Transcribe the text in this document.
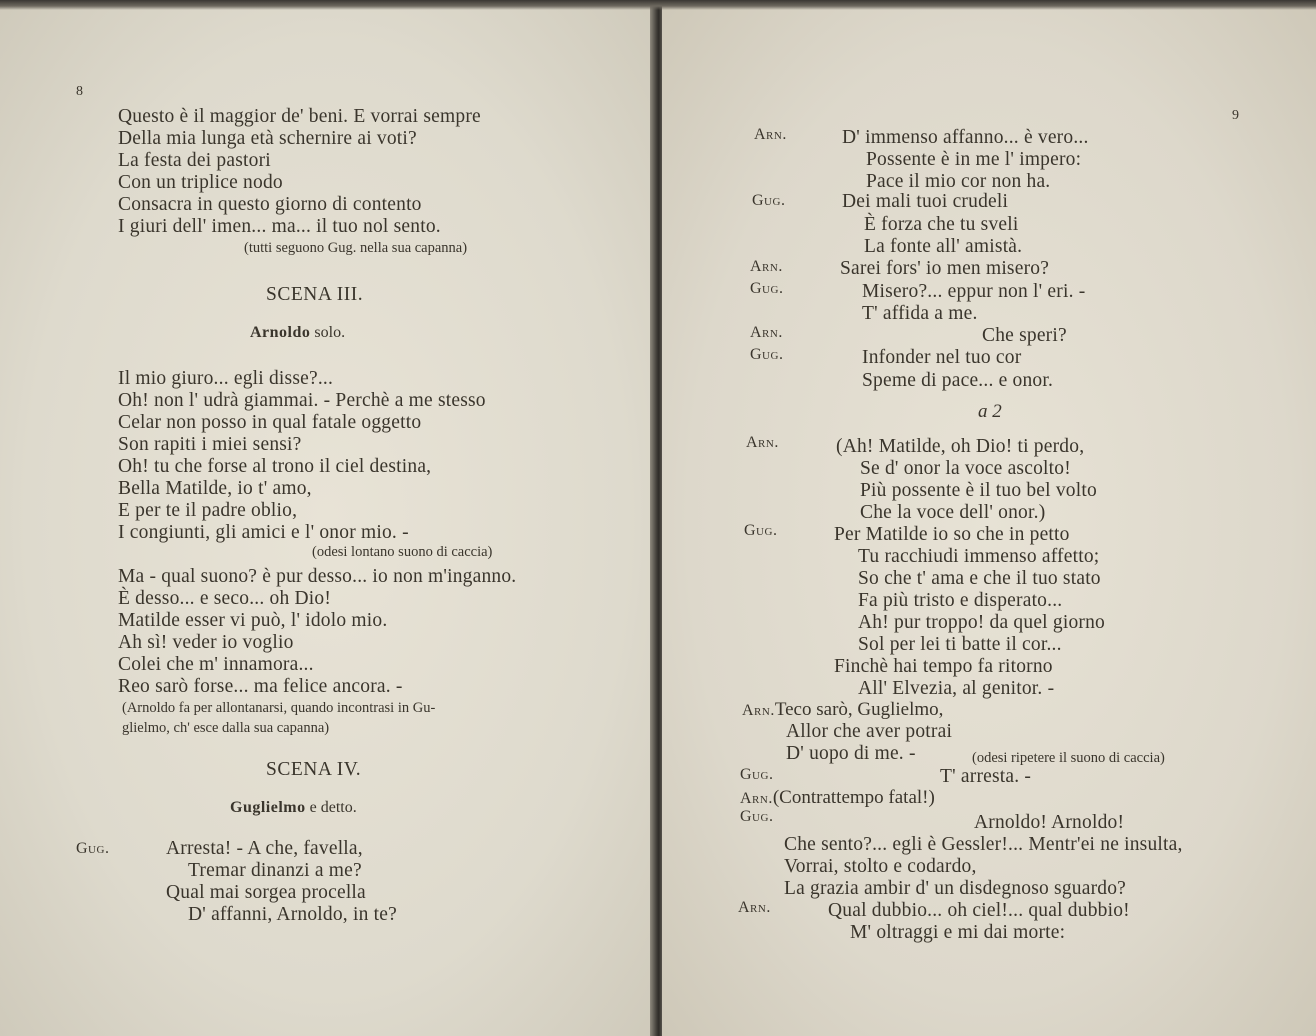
8
Questo è il maggior de' beni. E vorrai sempre
Della mia lunga età schernire ai voti?
La festa dei pastori
Con un triplice nodo
Consacra in questo giorno di contento
I giuri dell' imen... ma... il tuo nol sento.
(tutti seguono Gug. nella sua capanna)
SCENA III.
Arnoldo solo.
Il mio giuro... egli disse?...
Oh! non l' udrà giammai. - Perchè a me stesso
Celar non posso in qual fatale oggetto
Son rapiti i miei sensi?
Oh! tu che forse al trono il ciel destina,
Bella Matilde, io t' amo,
E per te il padre oblio,
I congiunti, gli amici e l' onor mio. -
(odesi lontano suono di caccia)
Ma - qual suono? è pur desso... io non m'inganno.
È desso... e seco... oh Dio!
Matilde esser vi può, l' idolo mio.
Ah sì! veder io voglio
Colei che m' innamora...
Reo sarò forse... ma felice ancora. -
(Arnoldo fa per allontanarsi, quando incontrasi in Gu-
glielmo, ch' esce dalla sua capanna)
SCENA IV.
Guglielmo e detto.
Gug.	Arresta! - A che, favella,
Tremar dinanzi a me?
Qual mai sorgea procella
D' affanni, Arnoldo, in te?
9
Arn.	D' immenso affanno... è vero...
Possente è in me l' impero:
Pace il mio cor non ha.
Gug.	Dei mali tuoi crudeli
È forza che tu sveli
La fonte all' amistà.
Arn.	Sarei fors' io men misero?
Gug.	Misero?... eppur non l' eri. -
T' affida a me.
Arn.	Che speri?
Gug.	Infonder nel tuo cor
Speme di pace... e onor.
a 2
Arn.	(Ah! Matilde, oh Dio! ti perdo,
Se d' onor la voce ascolto!
Più possente è il tuo bel volto
Che la voce dell' onor.)
Gug.	Per Matilde io so che in petto
Tu racchiudi immenso affetto;
So che t' ama e che il tuo stato
Fa più tristo e disperato...
Ah! pur troppo! da quel giorno
Sol per lei ti batte il cor...
Finchè hai tempo fa ritorno
All' Elvezia, al genitor. -
Arn.Teco sarò, Guglielmo,
Allor che aver potrai
D' uopo di me. -	(odesi ripetere il suono di caccia)
Gug.	T' arresta. -
Arn.(Contrattempo fatal!)
Gug.	Arnoldo! Arnoldo!
Che sento?... egli è Gessler!... Mentr'ei ne insulta,
Vorrai, stolto e codardo,
La grazia ambir d' un disdegnoso sguardo?
Arn.	Qual dubbio... oh ciel!... qual dubbio!
M' oltraggi e mi dai morte:
